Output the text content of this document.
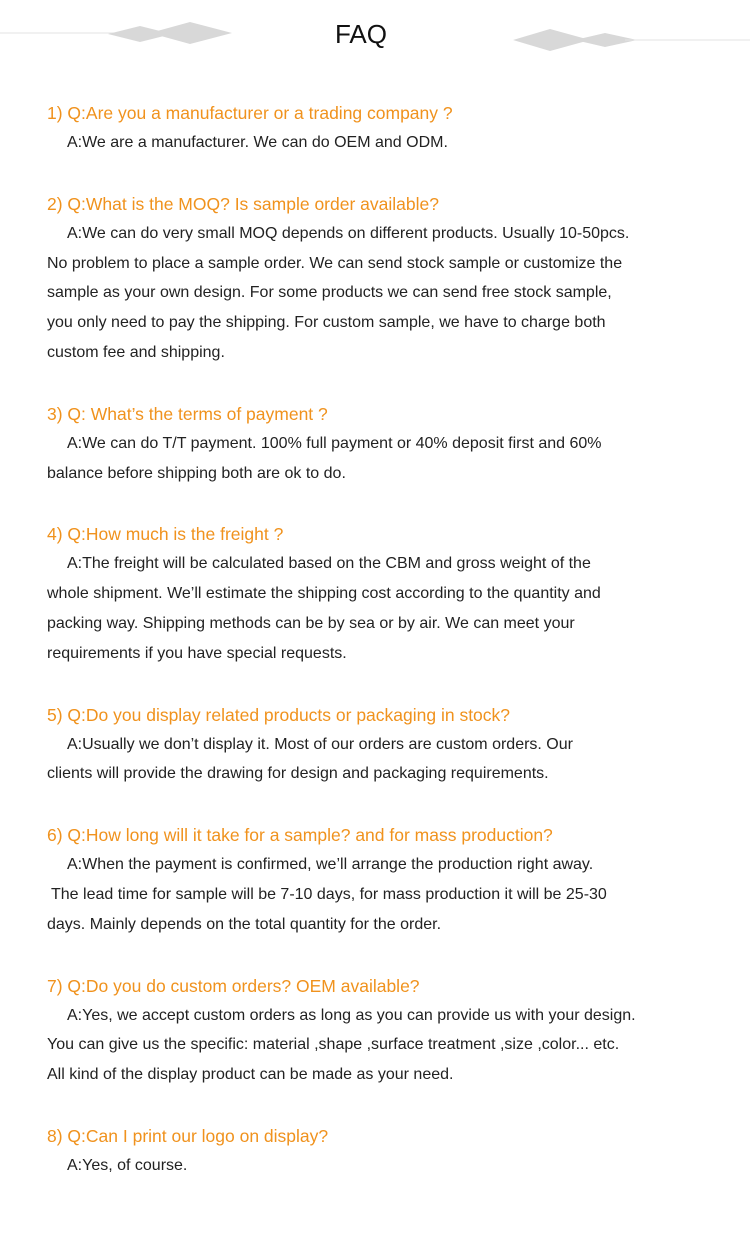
FAQ

1) Q:Are you a manufacturer or a trading company ?

A:We are a manufacturer. We can do OEM and ODM.

2) Q:What is the MOQ? Is sample order available?

A:We can do very small MOQ depends on different products. Usually 10-50pcs.
No problem to place a sample order. We can send stock sample or customize the
sample as your own design. For some products we can send free stock sample,
you only need to pay the shipping. For custom sample, we have to charge both
custom fee and shipping.

3) Q: What’s the terms of payment ?

A:We can do T/T payment. 100% full payment or 40% deposit first and 60%
balance before shipping both are ok to do.

4) Q:How much is the freight ?

A:The freight will be calculated based on the CBM and gross weight of the
whole shipment. We’ll estimate the shipping cost according to the quantity and
packing way. Shipping methods can be by sea or by air. We can meet your
requirements if you have special requests.

5) Q:Do you display related products or packaging in stock?

A:Usually we don’t display it. Most of our orders are custom orders. Our
clients will provide the drawing for design and packaging requirements.

6) Q:How long will it take for a sample? and for mass production?

A:When the payment is confirmed, we’ll arrange the production right away.
The lead time for sample will be 7-10 days, for mass production it will be 25-30
days. Mainly depends on the total quantity for the order.

7) Q:Do you do custom orders? OEM available?

A:Yes, we accept custom orders as long as you can provide us with your design.
You can give us the specific: material ,shape ,surface treatment ,size ,color... etc.
All kind of the display product can be made as your need.

8) Q:Can I print our logo on display?

A:Yes, of course.
